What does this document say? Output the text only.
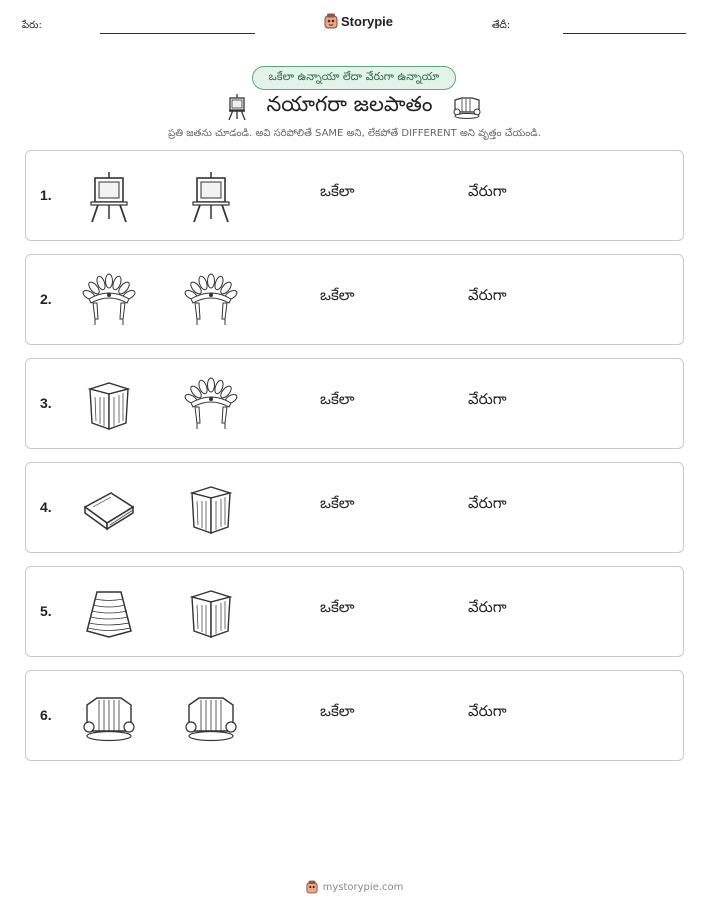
పేరు:	Storypie	తేదీ:
ఒకేలా ఉన్నాయా లేదా వేరుగా ఉన్నాయా
నయాగరా జలపాతం
ప్రతి జతను చూడండి. అవి సరిపోలితే SAME అని, లేకపోతే DIFFERENT అని వృత్తం చేయండి.
1.	ఒకేలా	వేరుగా
2.	ఒకేలా	వేరుగా
3.	ఒకేలా	వేరుగా
4.	ఒకేలా	వేరుగా
5.	ఒకేలా	వేరుగా
6.	ఒకేలా	వేరుగా
mystorypie.com
